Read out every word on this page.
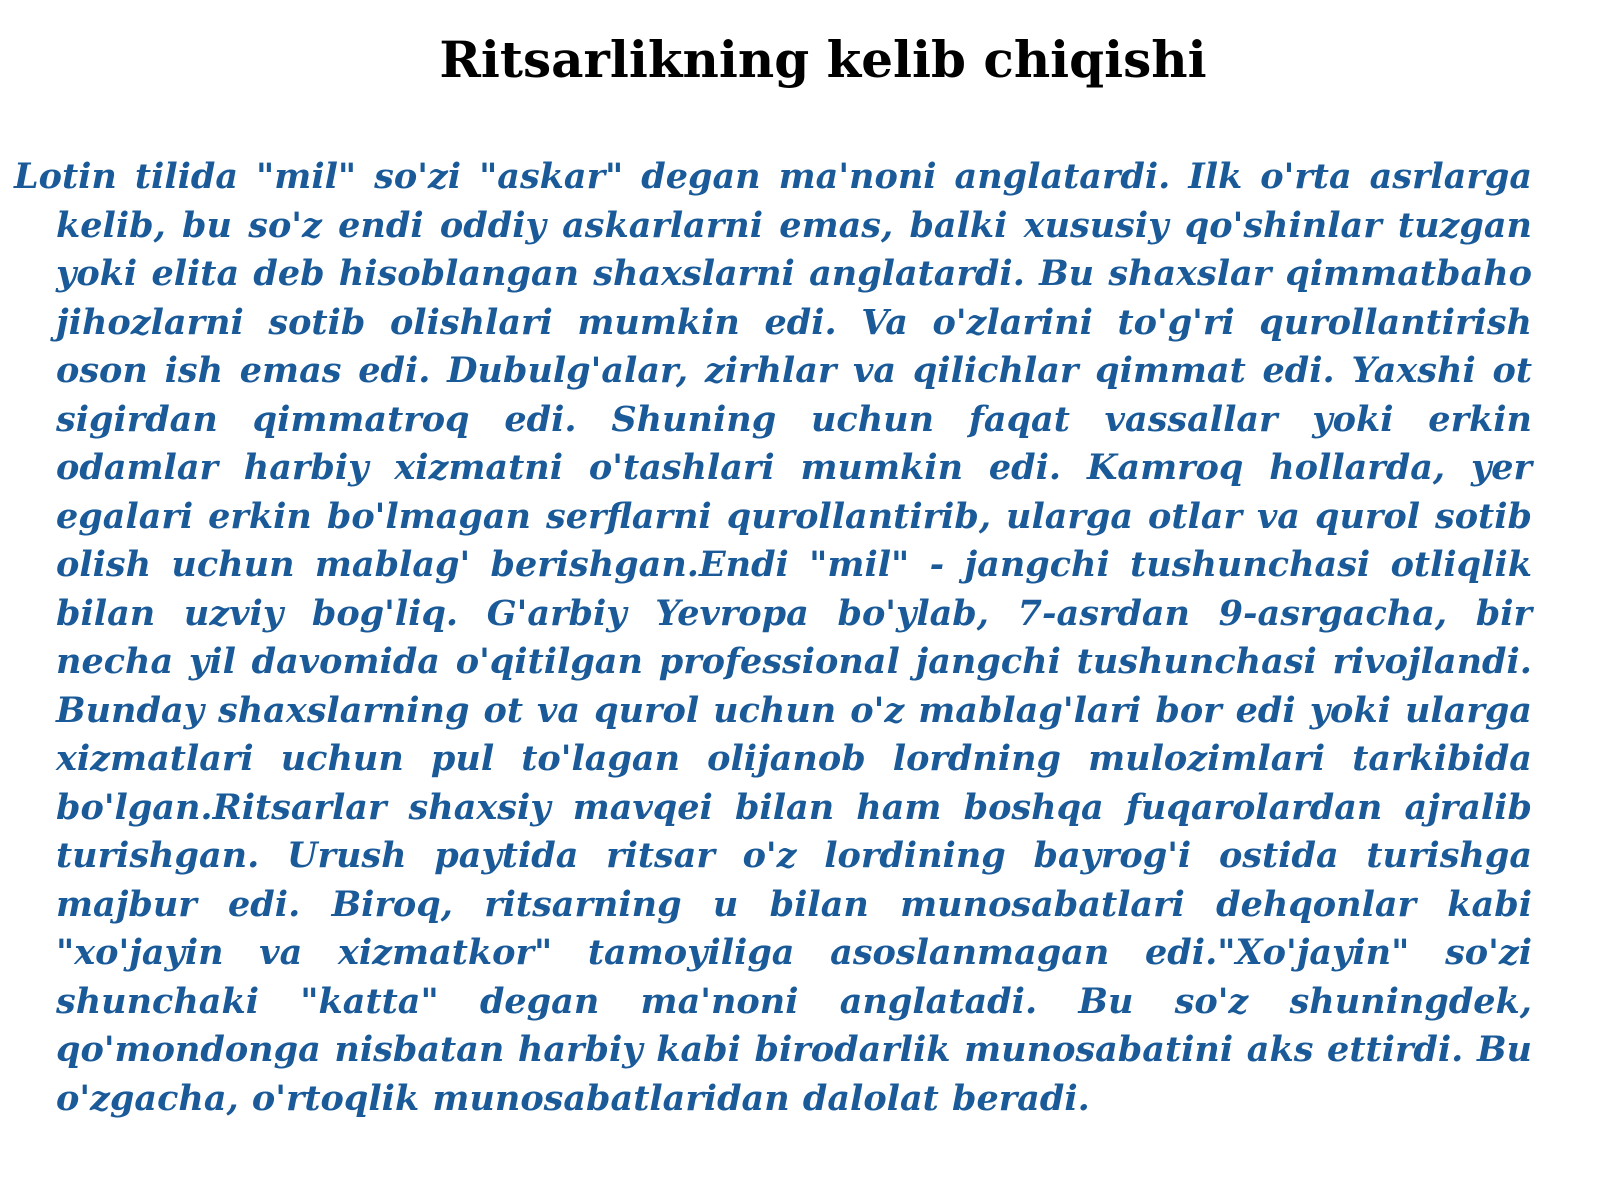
Ritsarlikning kelib chiqishi

Lotin tilida "mil" so'zi "askar" degan ma'noni anglatardi. Ilk o'rta asrlarga kelib, bu so'z endi oddiy askarlarni emas, balki xususiy qo'shinlar tuzgan yoki elita deb hisoblangan shaxslarni anglatardi. Bu shaxslar qimmatbaho jihozlarni sotib olishlari mumkin edi. Va o'zlarini to'g'ri qurollantirish oson ish emas edi. Dubulg'alar, zirhlar va qilichlar qimmat edi. Yaxshi ot sigirdan qimmatroq edi. Shuning uchun faqat vassallar yoki erkin odamlar harbiy xizmatni o'tashlari mumkin edi. Kamroq hollarda, yer egalari erkin bo'lmagan serflarni qurollantirib, ularga otlar va qurol sotib olish uchun mablag' berishgan.Endi "mil" - jangchi tushunchasi otliqlik bilan uzviy bog'liq. G'arbiy Yevropa bo'ylab, 7-asrdan 9-asrgacha, bir necha yil davomida o'qitilgan professional jangchi tushunchasi rivojlandi. Bunday shaxslarning ot va qurol uchun o'z mablag'lari bor edi yoki ularga xizmatlari uchun pul to'lagan olijanob lordning mulozimlari tarkibida bo'lgan.Ritsarlar shaxsiy mavqei bilan ham boshqa fuqarolardan ajralib turishgan. Urush paytida ritsar o'z lordining bayrog'i ostida turishga majbur edi. Biroq, ritsarning u bilan munosabatlari dehqonlar kabi "xo'jayin va xizmatkor" tamoyiliga asoslanmagan edi."Xo'jayin" so'zi shunchaki "katta" degan ma'noni anglatadi. Bu so'z shuningdek, qo'mondonga nisbatan harbiy kabi birodarlik munosabatini aks ettirdi. Bu o'zgacha, o'rtoqlik munosabatlaridan dalolat beradi.
